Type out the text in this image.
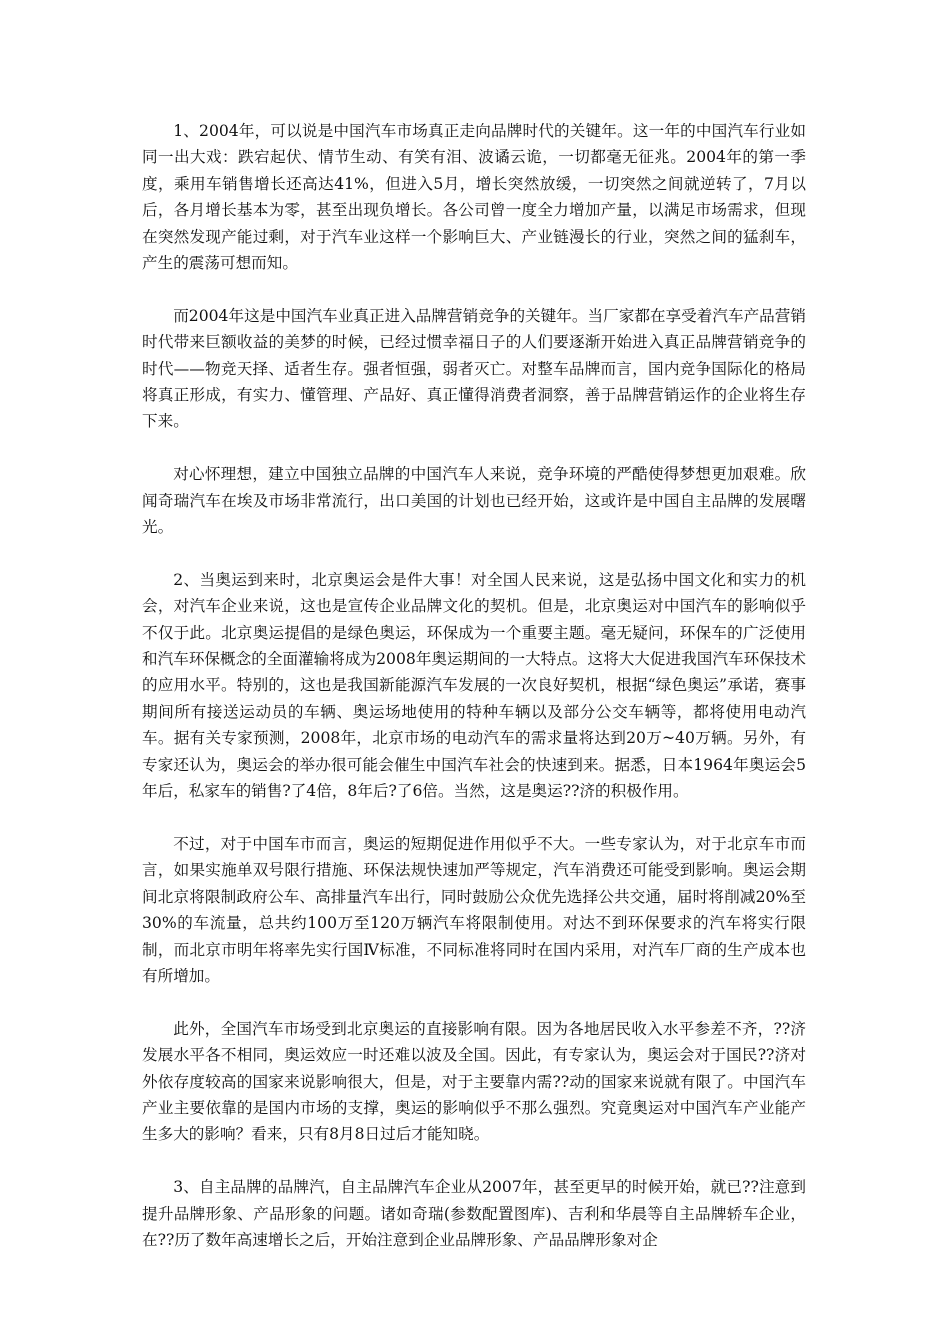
1、2004年，可以说是中国汽车市场真正走向品牌时代的关键年。这一年的中国汽车行业如同一出大戏：跌宕起伏、情节生动、有笑有泪、波谲云诡，一切都毫无征兆。2004年的第一季度，乘用车销售增长还高达41%，但进入5月，增长突然放缓，一切突然之间就逆转了，7月以后，各月增长基本为零，甚至出现负增长。各公司曾一度全力增加产量，以满足市场需求，但现在突然发现产能过剩，对于汽车业这样一个影响巨大、产业链漫长的行业，突然之间的猛刹车，产生的震荡可想而知。

而2004年这是中国汽车业真正进入品牌营销竞争的关键年。当厂家都在享受着汽车产品营销时代带来巨额收益的美梦的时候，已经过惯幸福日子的人们要逐渐开始进入真正品牌营销竞争的时代——物竞天择、适者生存。强者恒强，弱者灭亡。对整车品牌而言，国内竞争国际化的格局将真正形成，有实力、懂管理、产品好、真正懂得消费者洞察，善于品牌营销运作的企业将生存下来。

对心怀理想，建立中国独立品牌的中国汽车人来说，竞争环境的严酷使得梦想更加艰难。欣闻奇瑞汽车在埃及市场非常流行，出口美国的计划也已经开始，这或许是中国自主品牌的发展曙光。

2、当奥运到来时，北京奥运会是件大事！对全国人民来说，这是弘扬中国文化和实力的机会，对汽车企业来说，这也是宣传企业品牌文化的契机。但是，北京奥运对中国汽车的影响似乎不仅于此。北京奥运提倡的是绿色奥运，环保成为一个重要主题。毫无疑问，环保车的广泛使用和汽车环保概念的全面灌输将成为2008年奥运期间的一大特点。这将大大促进我国汽车环保技术的应用水平。特别的，这也是我国新能源汽车发展的一次良好契机，根据“绿色奥运”承诺，赛事期间所有接送运动员的车辆、奥运场地使用的特种车辆以及部分公交车辆等，都将使用电动汽车。据有关专家预测，2008年，北京市场的电动汽车的需求量将达到20万~40万辆。另外，有专家还认为，奥运会的举办很可能会催生中国汽车社会的快速到来。据悉，日本1964年奥运会5年后，私家车的销售?了4倍，8年后?了6倍。当然，这是奥运??济的积极作用。

不过，对于中国车市而言，奥运的短期促进作用似乎不大。一些专家认为，对于北京车市而言，如果实施单双号限行措施、环保法规快速加严等规定，汽车消费还可能受到影响。奥运会期间北京将限制政府公车、高排量汽车出行，同时鼓励公众优先选择公共交通，届时将削减20%至30%的车流量，总共约100万至120万辆汽车将限制使用。对达不到环保要求的汽车将实行限制，而北京市明年将率先实行国Ⅳ标准，不同标准将同时在国内采用，对汽车厂商的生产成本也有所增加。

此外，全国汽车市场受到北京奥运的直接影响有限。因为各地居民收入水平参差不齐，??济发展水平各不相同，奥运效应一时还难以波及全国。因此，有专家认为，奥运会对于国民??济对外依存度较高的国家来说影响很大，但是，对于主要靠内需??动的国家来说就有限了。中国汽车产业主要依靠的是国内市场的支撑，奥运的影响似乎不那么强烈。究竟奥运对中国汽车产业能产生多大的影响？看来，只有8月8日过后才能知晓。

3、自主品牌的品牌汽，自主品牌汽车企业从2007年，甚至更早的时候开始，就已??注意到提升品牌形象、产品形象的问题。诸如奇瑞(参数配置图库)、吉利和华晨等自主品牌轿车企业，在??历了数年高速增长之后，开始注意到企业品牌形象、产品品牌形象对企
